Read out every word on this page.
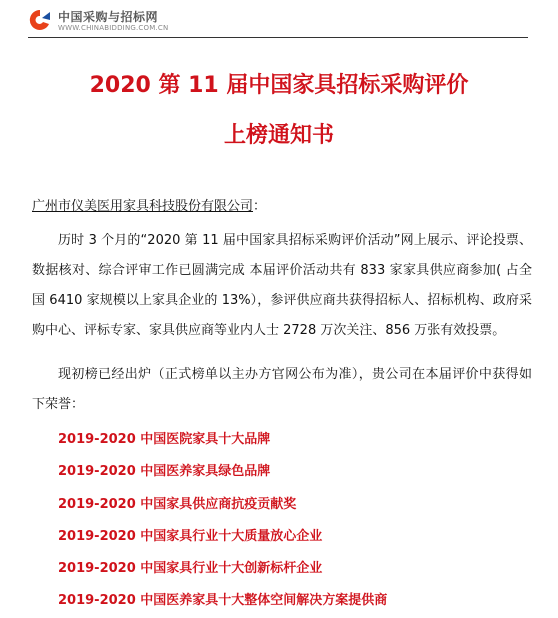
中国采购与招标网
WWW.CHINABIDDING.COM.CN
2020 第 11 届中国家具招标采购评价
上榜通知书
广州市仪美医用家具科技股份有限公司：
历时 3 个月的“2020 第 11 届中国家具招标采购评价活动”网上展示、评论投票、数据核对、综合评审工作已圆满完成 本届评价活动共有 833 家家具供应商参加( 占全国 6410 家规模以上家具企业的 13%），参评供应商共获得招标人、招标机构、政府采购中心、评标专家、家具供应商等业内人士 2728 万次关注、856 万张有效投票。
现初榜已经出炉（正式榜单以主办方官网公布为准），贵公司在本届评价中获得如下荣誉：
2019-2020 中国医院家具十大品牌
2019-2020 中国医养家具绿色品牌
2019-2020 中国家具供应商抗疫贡献奖
2019-2020 中国家具行业十大质量放心企业
2019-2020 中国家具行业十大创新标杆企业
2019-2020 中国医养家具十大整体空间解决方案提供商
